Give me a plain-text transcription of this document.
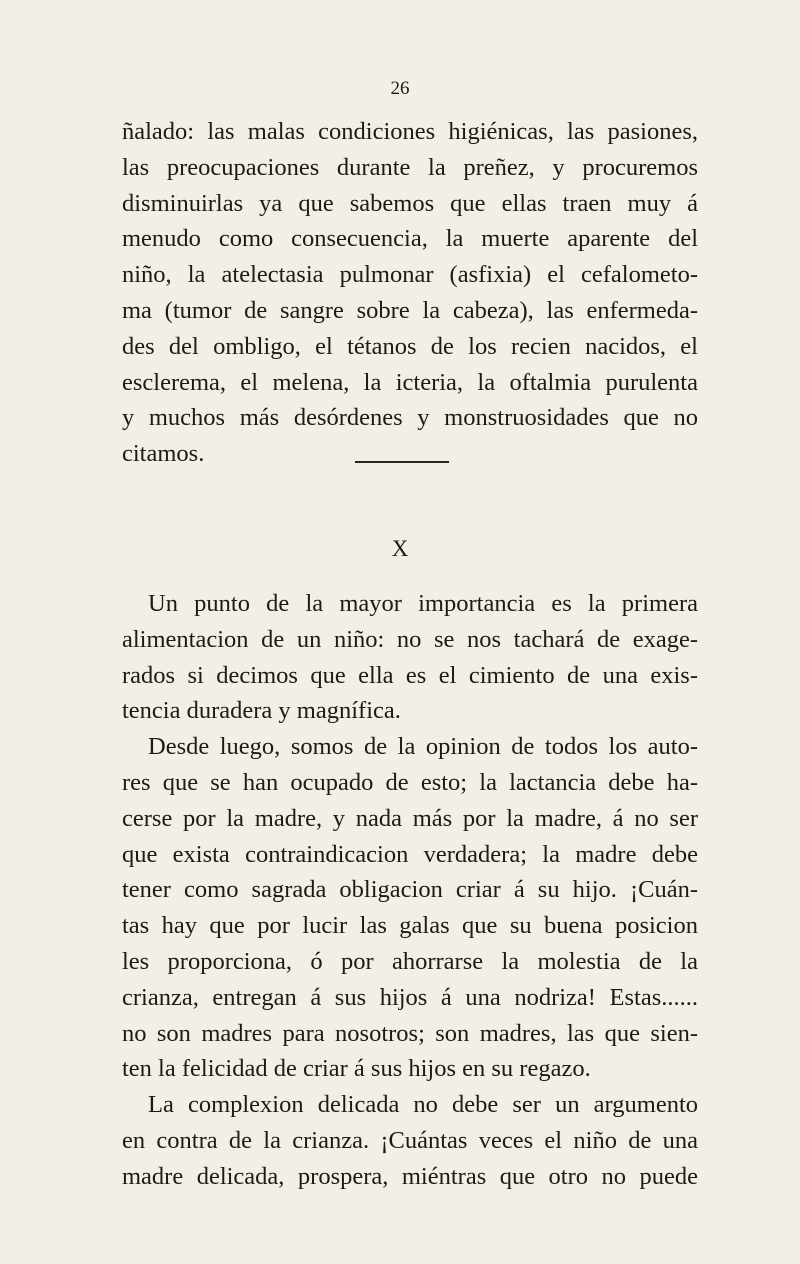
26
ñalado: las malas condiciones higiénicas, las pasiones,
las preocupaciones durante la preñez, y procuremos
disminuirlas ya que sabemos que ellas traen muy á
menudo como consecuencia, la muerte aparente del
niño, la atelectasia pulmonar (asfixia) el cefalometo-
ma (tumor de sangre sobre la cabeza), las enfermeda-
des del ombligo, el tétanos de los recien nacidos, el
esclerema, el melena, la icteria, la oftalmia purulenta
y muchos más desórdenes y monstruosidades que no
citamos.
X
Un punto de la mayor importancia es la primera
alimentacion de un niño: no se nos tachará de exage-
rados si decimos que ella es el cimiento de una exis-
tencia duradera y magnífica.
Desde luego, somos de la opinion de todos los auto-
res que se han ocupado de esto; la lactancia debe ha-
cerse por la madre, y nada más por la madre, á no ser
que exista contraindicacion verdadera; la madre debe
tener como sagrada obligacion criar á su hijo. ¡Cuán-
tas hay que por lucir las galas que su buena posicion
les proporciona, ó por ahorrarse la molestia de la
crianza, entregan á sus hijos á una nodriza! Estas......
no son madres para nosotros; son madres, las que sien-
ten la felicidad de criar á sus hijos en su regazo.
La complexion delicada no debe ser un argumento
en contra de la crianza. ¡Cuántas veces el niño de una
madre delicada, prospera, miéntras que otro no puede
